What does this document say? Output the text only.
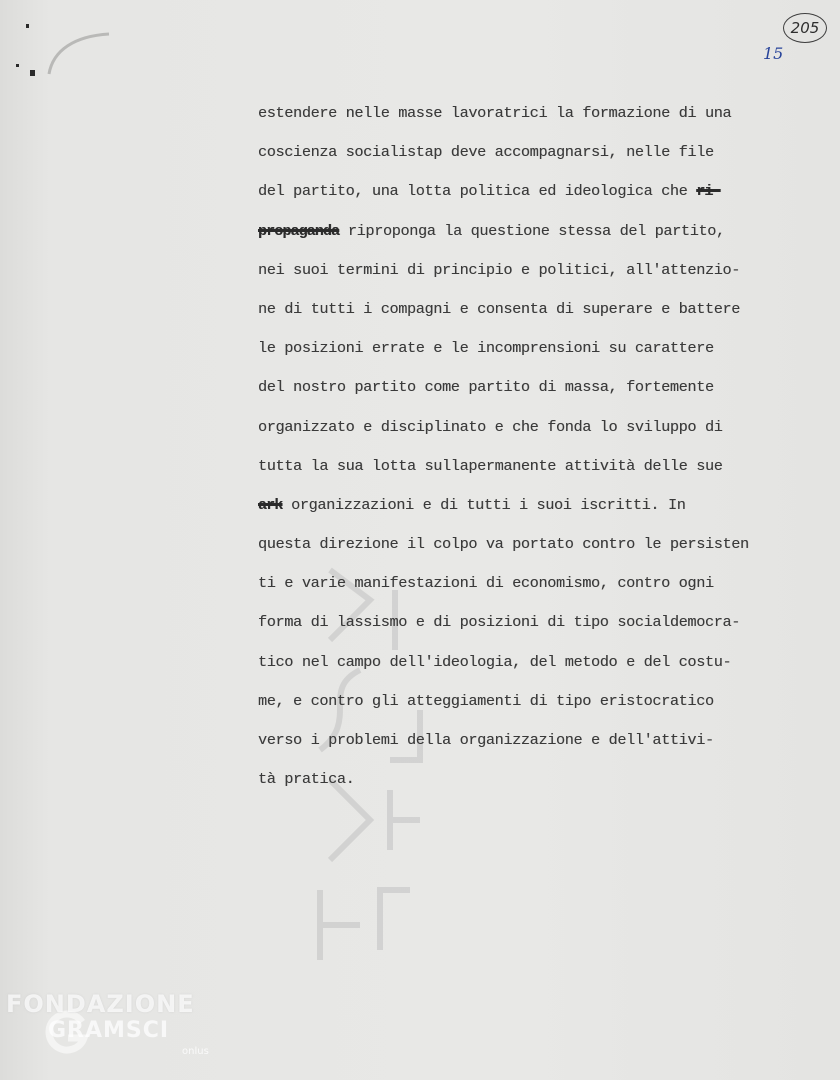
205
15
estendere nelle masse lavoratrici la formazione di una
coscienza socialistap deve accompagnarsi, nelle file
del partito, una lotta politica ed ideologica che ri-
propaganda riproponga la questione stessa del partito,
nei suoi termini di principio e politici, all'attenzio-
ne di tutti i compagni e consenta di superare e battere
le posizioni errate e le incomprensioni su carattere
del nostro partito come partito di massa, fortemente
organizzato e disciplinato e che fonda lo sviluppo di
tutta la sua lotta sullapermanente attività delle sue
ark organizzazioni e di tutti i suoi iscritti. In
questa direzione il colpo va portato contro le persisten
ti e varie manifestazioni di economismo, contro ogni
forma di lassismo e di posizioni di tipo socialdemocra-
tico nel campo dell'ideologia, del metodo e del costu-
me, e contro gli atteggiamenti di tipo eristocratico
verso i problemi della organizzazione e dell'attivi-
tà pratica.
FONDAZIONE
GRAMSCI
onlus
